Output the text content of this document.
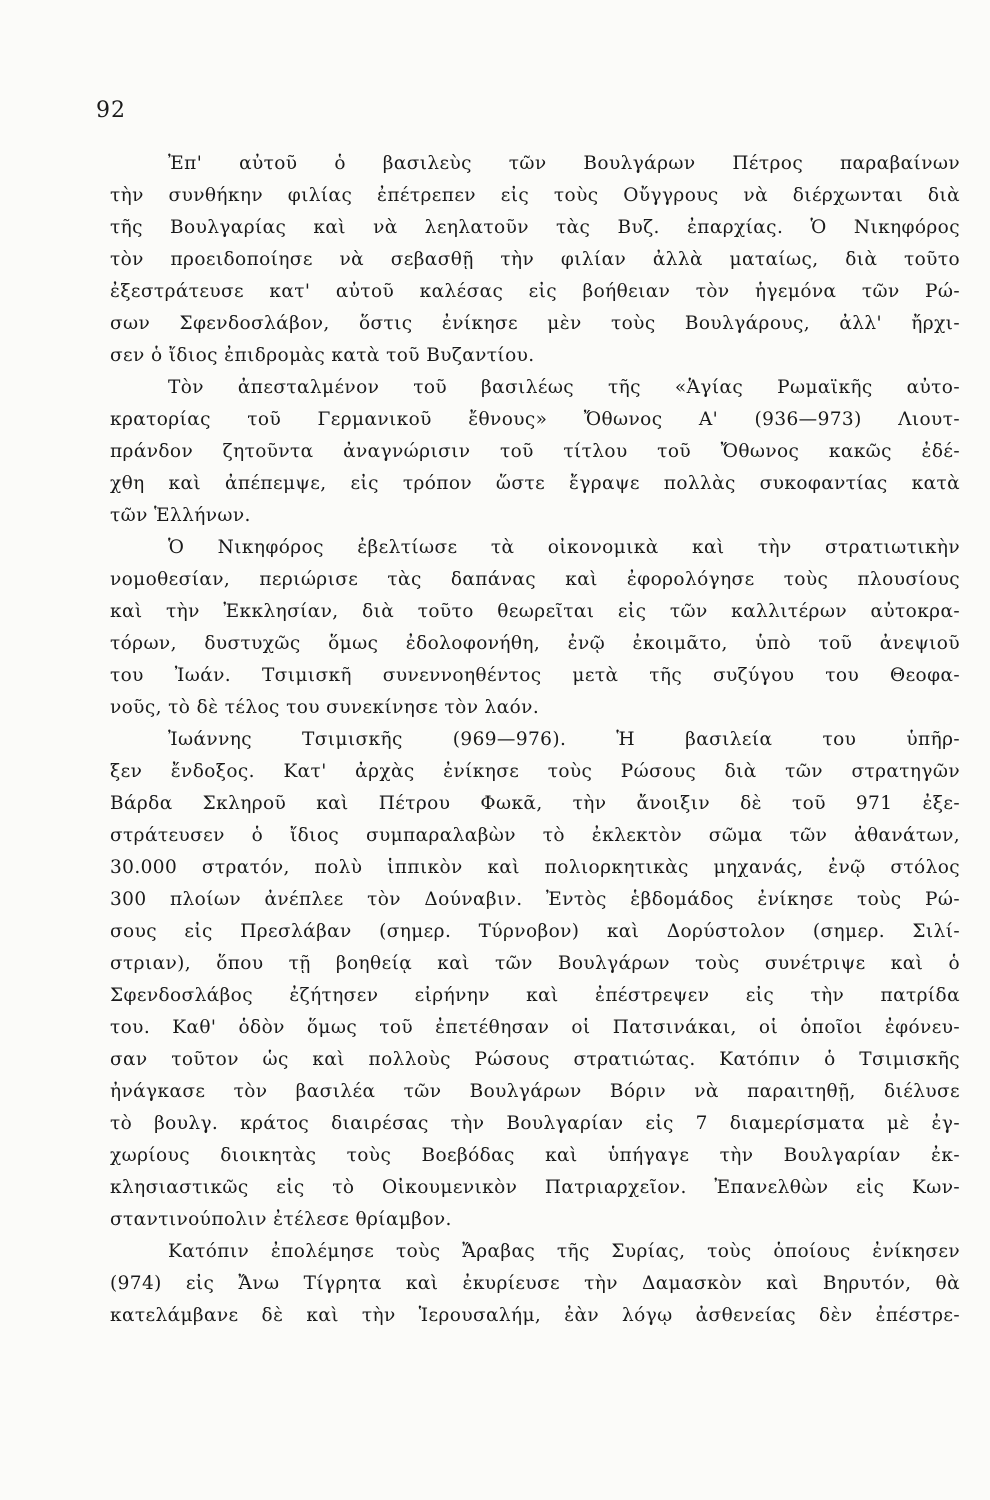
92
Ἐπ' αὐτοῦ ὁ βασιλεὺς τῶν Βουλγάρων Πέτρος παραβαίνων
τὴν συνθήκην φιλίας ἐπέτρεπεν εἰς τοὺς Οὔγγρους νὰ διέρχωνται διὰ
τῆς Βουλγαρίας καὶ νὰ λεηλατοῦν τὰς Βυζ. ἐπαρχίας. Ὁ Νικηφόρος
τὸν προειδοποίησε νὰ σεβασθῇ τὴν φιλίαν ἀλλὰ ματαίως, διὰ τοῦτο
ἐξεστράτευσε κατ' αὐτοῦ καλέσας εἰς βοήθειαν τὸν ἡγεμόνα τῶν Ρώ-
σων Σφενδοσλάβον, ὅστις ἐνίκησε μὲν τοὺς Βουλγάρους, ἀλλ' ἤρχι-
σεν ὁ ἴδιος ἐπιδρομὰς κατὰ τοῦ Βυζαντίου.
Τὸν ἀπεσταλμένον τοῦ βασιλέως τῆς «Ἁγίας Ρωμαϊκῆς αὐτο-
κρατορίας τοῦ Γερμανικοῦ ἔθνους» Ὄθωνος Α' (936—973) Λιουτ-
πράνδον ζητοῦντα ἀναγνώρισιν τοῦ τίτλου τοῦ Ὄθωνος κακῶς ἐδέ-
χθη καὶ ἀπέπεμψε, εἰς τρόπον ὥστε ἔγραψε πολλὰς συκοφαντίας κατὰ
τῶν Ἑλλήνων.
Ὁ Νικηφόρος ἐβελτίωσε τὰ οἰκονομικὰ καὶ τὴν στρατιωτικὴν
νομοθεσίαν, περιώρισε τὰς δαπάνας καὶ ἐφορολόγησε τοὺς πλουσίους
καὶ τὴν Ἐκκλησίαν, διὰ τοῦτο θεωρεῖται εἰς τῶν καλλιτέρων αὐτοκρα-
τόρων, δυστυχῶς ὅμως ἐδολοφονήθη, ἐνῷ ἐκοιμᾶτο, ὑπὸ τοῦ ἀνεψιοῦ
του Ἰωάν. Τσιμισκῆ συνεννοηθέντος μετὰ τῆς συζύγου του Θεοφα-
νοῦς, τὸ δὲ τέλος του συνεκίνησε τὸν λαόν.
Ἰωάννης Τσιμισκῆς (969—976). Ἡ βασιλεία του ὑπῆρ-
ξεν ἔνδοξος. Κατ' ἀρχὰς ἐνίκησε τοὺς Ρώσους διὰ τῶν στρατηγῶν
Βάρδα Σκληροῦ καὶ Πέτρου Φωκᾶ, τὴν ἄνοιξιν δὲ τοῦ 971 ἐξε-
στράτευσεν ὁ ἴδιος συμπαραλαβὼν τὸ ἐκλεκτὸν σῶμα τῶν ἀθανάτων,
30.000 στρατόν, πολὺ ἱππικὸν καὶ πολιορκητικὰς μηχανάς, ἐνῷ στόλος
300 πλοίων ἀνέπλεε τὸν Δούναβιν. Ἐντὸς ἑβδομάδος ἐνίκησε τοὺς Ρώ-
σους εἰς Πρεσλάβαν (σημερ. Τύρνοβον) καὶ Δορύστολον (σημερ. Σιλί-
στριαν), ὅπου τῇ βοηθείᾳ καὶ τῶν Βουλγάρων τοὺς συνέτριψε καὶ ὁ
Σφενδοσλάβος ἐζήτησεν εἰρήνην καὶ ἐπέστρεψεν εἰς τὴν πατρίδα
του. Καθ' ὁδὸν ὅμως τοῦ ἐπετέθησαν οἱ Πατσινάκαι, οἱ ὁποῖοι ἐφόνευ-
σαν τοῦτον ὡς καὶ πολλοὺς Ρώσους στρατιώτας. Κατόπιν ὁ Τσιμισκῆς
ἠνάγκασε τὸν βασιλέα τῶν Βουλγάρων Βόριν νὰ παραιτηθῇ, διέλυσε
τὸ βουλγ. κράτος διαιρέσας τὴν Βουλγαρίαν εἰς 7 διαμερίσματα μὲ ἐγ-
χωρίους διοικητὰς τοὺς Βοεβόδας καὶ ὑπήγαγε τὴν Βουλγαρίαν ἐκ-
κλησιαστικῶς εἰς τὸ Οἰκουμενικὸν Πατριαρχεῖον. Ἐπανελθὼν εἰς Κων-
σταντινούπολιν ἐτέλεσε θρίαμβον.
Κατόπιν ἐπολέμησε τοὺς Ἄραβας τῆς Συρίας, τοὺς ὁποίους ἐνίκησεν
(974) εἰς Ἄνω Τίγρητα καὶ ἐκυρίευσε τὴν Δαμασκὸν καὶ Βηρυτόν, θὰ
κατελάμβανε δὲ καὶ τὴν Ἱερουσαλήμ, ἐὰν λόγῳ ἀσθενείας δὲν ἐπέστρε-
